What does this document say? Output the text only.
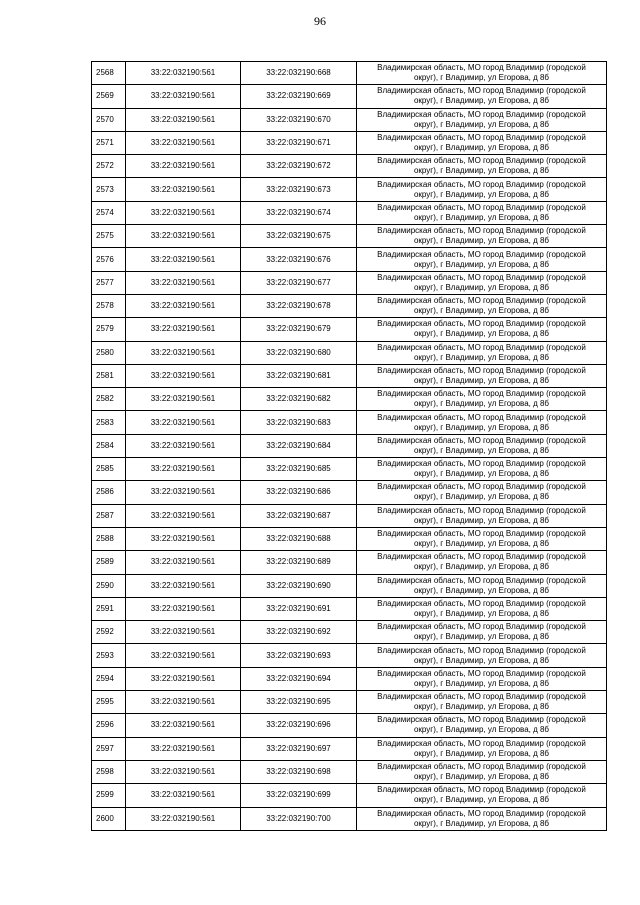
96
2568	33:22:032190:561	33:22:032190:668	Владимирская область, МО город Владимир (городской
округ), г Владимир, ул Егорова, д 8б

2569	33:22:032190:561	33:22:032190:669	Владимирская область, МО город Владимир (городской
округ), г Владимир, ул Егорова, д 8б

2570	33:22:032190:561	33:22:032190:670	Владимирская область, МО город Владимир (городской
округ), г Владимир, ул Егорова, д 8б

2571	33:22:032190:561	33:22:032190:671	Владимирская область, МО город Владимир (городской
округ), г Владимир, ул Егорова, д 8б

2572	33:22:032190:561	33:22:032190:672	Владимирская область, МО город Владимир (городской
округ), г Владимир, ул Егорова, д 8б

2573	33:22:032190:561	33:22:032190:673	Владимирская область, МО город Владимир (городской
округ), г Владимир, ул Егорова, д 8б

2574	33:22:032190:561	33:22:032190:674	Владимирская область, МО город Владимир (городской
округ), г Владимир, ул Егорова, д 8б

2575	33:22:032190:561	33:22:032190:675	Владимирская область, МО город Владимир (городской
округ), г Владимир, ул Егорова, д 8б

2576	33:22:032190:561	33:22:032190:676	Владимирская область, МО город Владимир (городской
округ), г Владимир, ул Егорова, д 8б

2577	33:22:032190:561	33:22:032190:677	Владимирская область, МО город Владимир (городской
округ), г Владимир, ул Егорова, д 8б

2578	33:22:032190:561	33:22:032190:678	Владимирская область, МО город Владимир (городской
округ), г Владимир, ул Егорова, д 8б

2579	33:22:032190:561	33:22:032190:679	Владимирская область, МО город Владимир (городской
округ), г Владимир, ул Егорова, д 8б

2580	33:22:032190:561	33:22:032190:680	Владимирская область, МО город Владимир (городской
округ), г Владимир, ул Егорова, д 8б

2581	33:22:032190:561	33:22:032190:681	Владимирская область, МО город Владимир (городской
округ), г Владимир, ул Егорова, д 8б

2582	33:22:032190:561	33:22:032190:682	Владимирская область, МО город Владимир (городской
округ), г Владимир, ул Егорова, д 8б

2583	33:22:032190:561	33:22:032190:683	Владимирская область, МО город Владимир (городской
округ), г Владимир, ул Егорова, д 8б

2584	33:22:032190:561	33:22:032190:684	Владимирская область, МО город Владимир (городской
округ), г Владимир, ул Егорова, д 8б

2585	33:22:032190:561	33:22:032190:685	Владимирская область, МО город Владимир (городской
округ), г Владимир, ул Егорова, д 8б

2586	33:22:032190:561	33:22:032190:686	Владимирская область, МО город Владимир (городской
округ), г Владимир, ул Егорова, д 8б

2587	33:22:032190:561	33:22:032190:687	Владимирская область, МО город Владимир (городской
округ), г Владимир, ул Егорова, д 8б

2588	33:22:032190:561	33:22:032190:688	Владимирская область, МО город Владимир (городской
округ), г Владимир, ул Егорова, д 8б

2589	33:22:032190:561	33:22:032190:689	Владимирская область, МО город Владимир (городской
округ), г Владимир, ул Егорова, д 8б

2590	33:22:032190:561	33:22:032190:690	Владимирская область, МО город Владимир (городской
округ), г Владимир, ул Егорова, д 8б

2591	33:22:032190:561	33:22:032190:691	Владимирская область, МО город Владимир (городской
округ), г Владимир, ул Егорова, д 8б

2592	33:22:032190:561	33:22:032190:692	Владимирская область, МО город Владимир (городской
округ), г Владимир, ул Егорова, д 8б

2593	33:22:032190:561	33:22:032190:693	Владимирская область, МО город Владимир (городской
округ), г Владимир, ул Егорова, д 8б

2594	33:22:032190:561	33:22:032190:694	Владимирская область, МО город Владимир (городской
округ), г Владимир, ул Егорова, д 8б

2595	33:22:032190:561	33:22:032190:695	Владимирская область, МО город Владимир (городской
округ), г Владимир, ул Егорова, д 8б

2596	33:22:032190:561	33:22:032190:696	Владимирская область, МО город Владимир (городской
округ), г Владимир, ул Егорова, д 8б

2597	33:22:032190:561	33:22:032190:697	Владимирская область, МО город Владимир (городской
округ), г Владимир, ул Егорова, д 8б

2598	33:22:032190:561	33:22:032190:698	Владимирская область, МО город Владимир (городской
округ), г Владимир, ул Егорова, д 8б

2599	33:22:032190:561	33:22:032190:699	Владимирская область, МО город Владимир (городской
округ), г Владимир, ул Егорова, д 8б

2600	33:22:032190:561	33:22:032190:700	Владимирская область, МО город Владимир (городской
округ), г Владимир, ул Егорова, д 8б
